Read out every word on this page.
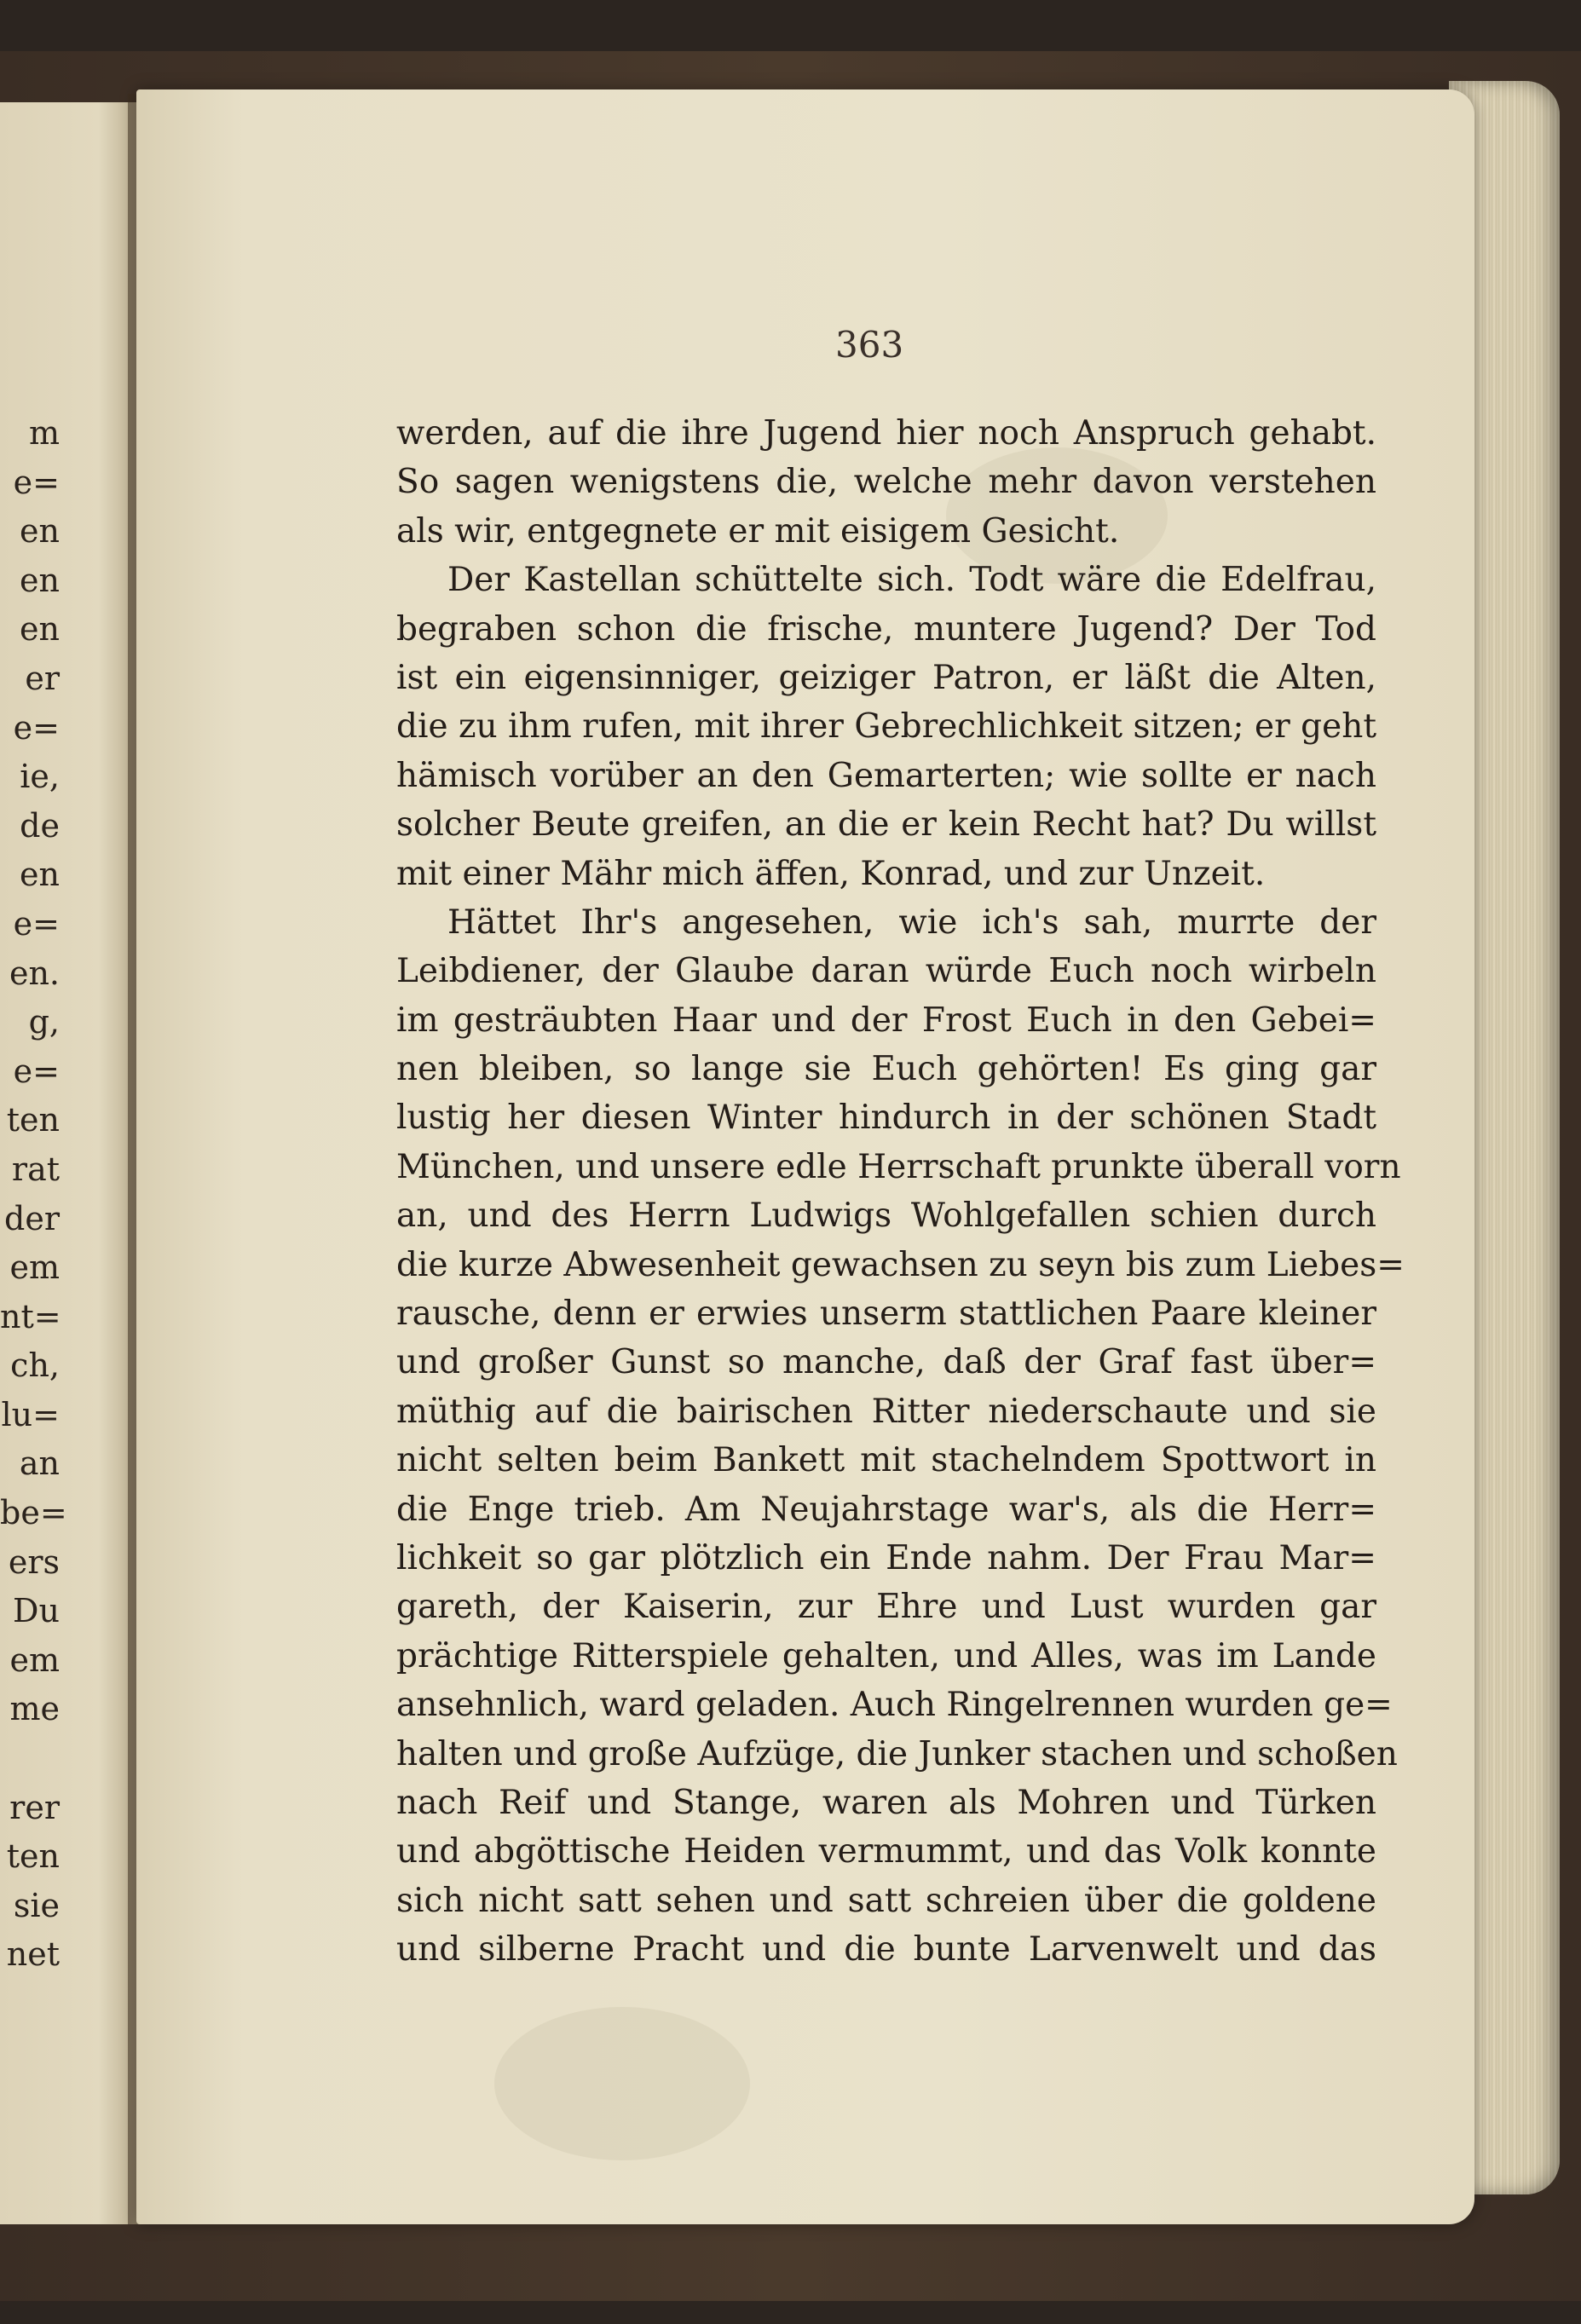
m
e=
en
en
en
er
e=
ie,
de
en
e=
en.
g,
e=
ten
rat
der
em
nt=
ch,
lu=
an
be=
ers
Du
em
me
rer
ten
sie
net
363
werden, auf die ihre Jugend hier noch Anspruch gehabt.
So sagen wenigstens die, welche mehr davon verstehen
als wir, entgegnete er mit eisigem Gesicht.
Der Kastellan schüttelte sich. Todt wäre die Edelfrau,
begraben schon die frische, muntere Jugend? Der Tod
ist ein eigensinniger, geiziger Patron, er läßt die Alten,
die zu ihm rufen, mit ihrer Gebrechlichkeit sitzen; er geht
hämisch vorüber an den Gemarterten; wie sollte er nach
solcher Beute greifen, an die er kein Recht hat? Du willst
mit einer Mähr mich äffen, Konrad, und zur Unzeit.
Hättet Ihr's angesehen, wie ich's sah, murrte der
Leibdiener, der Glaube daran würde Euch noch wirbeln
im gesträubten Haar und der Frost Euch in den Gebei=
nen bleiben, so lange sie Euch gehörten! Es ging gar
lustig her diesen Winter hindurch in der schönen Stadt
München, und unsere edle Herrschaft prunkte überall vorn
an, und des Herrn Ludwigs Wohlgefallen schien durch
die kurze Abwesenheit gewachsen zu seyn bis zum Liebes=
rausche, denn er erwies unserm stattlichen Paare kleiner
und großer Gunst so manche, daß der Graf fast über=
müthig auf die bairischen Ritter niederschaute und sie
nicht selten beim Bankett mit stachelndem Spottwort in
die Enge trieb. Am Neujahrstage war's, als die Herr=
lichkeit so gar plötzlich ein Ende nahm. Der Frau Mar=
gareth, der Kaiserin, zur Ehre und Lust wurden gar
prächtige Ritterspiele gehalten, und Alles, was im Lande
ansehnlich, ward geladen. Auch Ringelrennen wurden ge=
halten und große Aufzüge, die Junker stachen und schoßen
nach Reif und Stange, waren als Mohren und Türken
und abgöttische Heiden vermummt, und das Volk konnte
sich nicht satt sehen und satt schreien über die goldene
und silberne Pracht und die bunte Larvenwelt und das
